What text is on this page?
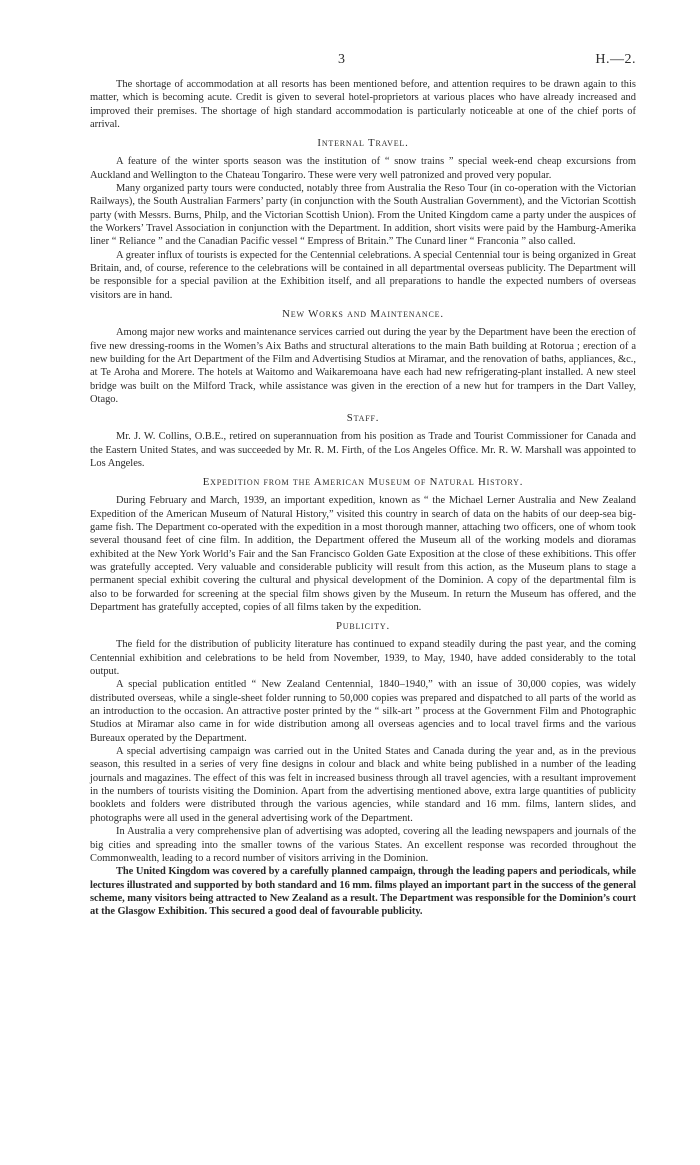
3	H.—2.

The shortage of accommodation at all resorts has been mentioned before, and attention requires to be drawn again to this matter, which is becoming acute. Credit is given to several hotel-proprietors at various places who have already increased and improved their premises. The shortage of high standard accommodation is particularly noticeable at one of the chief ports of arrival.

Internal Travel.

A feature of the winter sports season was the institution of “ snow trains ” special week-end cheap excursions from Auckland and Wellington to the Chateau Tongariro. These were very well patronized and proved very popular.

Many organized party tours were conducted, notably three from Australia the Reso Tour (in co-operation with the Victorian Railways), the South Australian Farmers’ party (in conjunction with the South Australian Government), and the Victorian Scottish party (with Messrs. Burns, Philp, and the Victorian Scottish Union). From the United Kingdom came a party under the auspices of the Workers’ Travel Association in conjunction with the Department. In addition, short visits were paid by the Hamburg-Amerika liner “ Reliance ” and the Canadian Pacific vessel “ Empress of Britain.” The Cunard liner “ Franconia ” also called.

A greater influx of tourists is expected for the Centennial celebrations. A special Centennial tour is being organized in Great Britain, and, of course, reference to the celebrations will be contained in all departmental overseas publicity. The Department will be responsible for a special pavilion at the Exhibition itself, and all preparations to handle the expected numbers of overseas visitors are in hand.

New Works and Maintenance.

Among major new works and maintenance services carried out during the year by the Department have been the erection of five new dressing-rooms in the Women’s Aix Baths and structural alterations to the main Bath building at Rotorua ; erection of a new building for the Art Department of the Film and Advertising Studios at Miramar, and the renovation of baths, appliances, &c., at Te Aroha and Morere. The hotels at Waitomo and Waikaremoana have each had new refrigerating-plant installed. A new steel bridge was built on the Milford Track, while assistance was given in the erection of a new hut for trampers in the Dart Valley, Otago.

Staff.

Mr. J. W. Collins, O.B.E., retired on superannuation from his position as Trade and Tourist Commissioner for Canada and the Eastern United States, and was succeeded by Mr. R. M. Firth, of the Los Angeles Office. Mr. R. W. Marshall was appointed to Los Angeles.

Expedition from the American Museum of Natural History.

During February and March, 1939, an important expedition, known as “ the Michael Lerner Australia and New Zealand Expedition of the American Museum of Natural History,” visited this country in search of data on the habits of our deep-sea big-game fish. The Department co-operated with the expedition in a most thorough manner, attaching two officers, one of whom took several thousand feet of cine film. In addition, the Department offered the Museum all of the working models and dioramas exhibited at the New York World’s Fair and the San Francisco Golden Gate Exposition at the close of these exhibitions. This offer was gratefully accepted. Very valuable and considerable publicity will result from this action, as the Museum plans to stage a permanent special exhibit covering the cultural and physical development of the Dominion. A copy of the departmental film is also to be forwarded for screening at the special film shows given by the Museum. In return the Museum has offered, and the Department has gratefully accepted, copies of all films taken by the expedition.

Publicity.

The field for the distribution of publicity literature has continued to expand steadily during the past year, and the coming Centennial exhibition and celebrations to be held from November, 1939, to May, 1940, have added considerably to the total output.

A special publication entitled “ New Zealand Centennial, 1840–1940,” with an issue of 30,000 copies, was widely distributed overseas, while a single-sheet folder running to 50,000 copies was prepared and dispatched to all parts of the world as an introduction to the occasion. An attractive poster printed by the “ silk-art ” process at the Government Film and Photographic Studios at Miramar also came in for wide distribution among all overseas agencies and to local travel firms and the various Bureaux operated by the Department.

A special advertising campaign was carried out in the United States and Canada during the year and, as in the previous season, this resulted in a series of very fine designs in colour and black and white being published in a number of the leading journals and magazines. The effect of this was felt in increased business through all travel agencies, with a resultant improvement in the numbers of tourists visiting the Dominion. Apart from the advertising mentioned above, extra large quantities of publicity booklets and folders were distributed through the various agencies, while standard and 16 mm. films, lantern slides, and photographs were all used in the general advertising work of the Department.

In Australia a very comprehensive plan of advertising was adopted, covering all the leading newspapers and journals of the big cities and spreading into the smaller towns of the various States. An excellent response was recorded throughout the Commonwealth, leading to a record number of visitors arriving in the Dominion.

The United Kingdom was covered by a carefully planned campaign, through the leading papers and periodicals, while lectures illustrated and supported by both standard and 16 mm. films played an important part in the success of the general scheme, many visitors being attracted to New Zealand as a result. The Department was responsible for the Dominion’s court at the Glasgow Exhibition. This secured a good deal of favourable publicity.
